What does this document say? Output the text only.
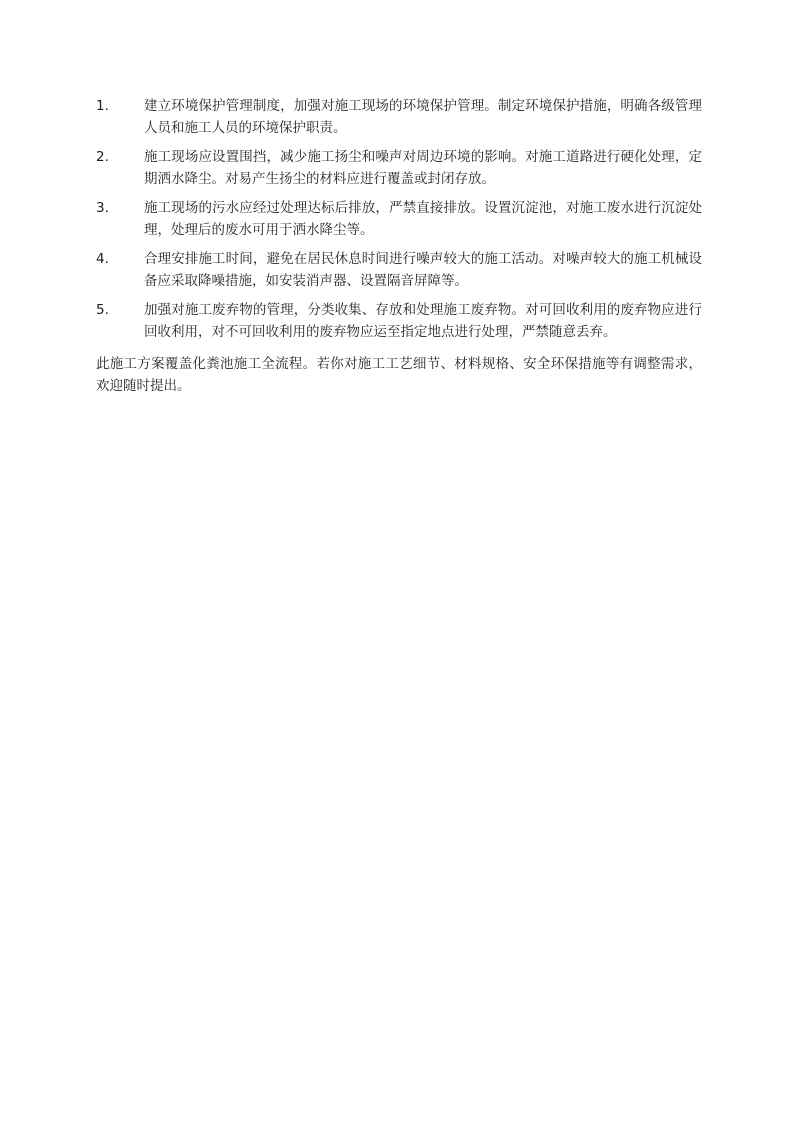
1.	建立环境保护管理制度，加强对施工现场的环境保护管理。制定环境保护措施，明确各级管理人员和施工人员的环境保护职责。
2.	施工现场应设置围挡，减少施工扬尘和噪声对周边环境的影响。对施工道路进行硬化处理，定期洒水降尘。对易产生扬尘的材料应进行覆盖或封闭存放。
3.	施工现场的污水应经过处理达标后排放，严禁直接排放。设置沉淀池，对施工废水进行沉淀处理，处理后的废水可用于洒水降尘等。
4.	合理安排施工时间，避免在居民休息时间进行噪声较大的施工活动。对噪声较大的施工机械设备应采取降噪措施，如安装消声器、设置隔音屏障等。
5.	加强对施工废弃物的管理，分类收集、存放和处理施工废弃物。对可回收利用的废弃物应进行回收利用，对不可回收利用的废弃物应运至指定地点进行处理，严禁随意丢弃。

此施工方案覆盖化粪池施工全流程。若你对施工工艺细节、材料规格、安全环保措施等有调整需求，欢迎随时提出。
